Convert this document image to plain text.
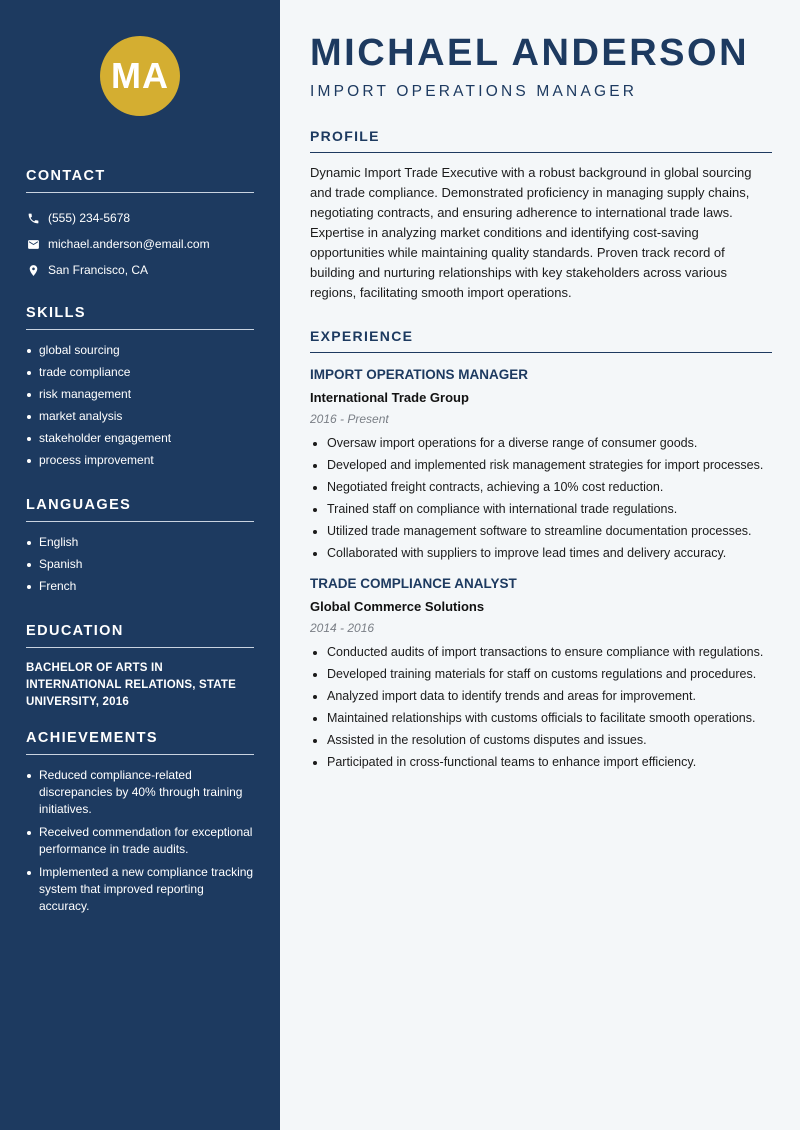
MA
CONTACT
(555) 234-5678
michael.anderson@email.com
San Francisco, CA
SKILLS
global sourcing
trade compliance
risk management
market analysis
stakeholder engagement
process improvement
LANGUAGES
English
Spanish
French
EDUCATION
BACHELOR OF ARTS IN INTERNATIONAL RELATIONS, STATE UNIVERSITY, 2016
ACHIEVEMENTS
Reduced compliance-related discrepancies by 40% through training initiatives.
Received commendation for exceptional performance in trade audits.
Implemented a new compliance tracking system that improved reporting accuracy.
MICHAEL ANDERSON
IMPORT OPERATIONS MANAGER
PROFILE

Dynamic Import Trade Executive with a robust background in global sourcing and trade compliance. Demonstrated proficiency in managing supply chains, negotiating contracts, and ensuring adherence to international trade laws. Expertise in analyzing market conditions and identifying cost-saving opportunities while maintaining quality standards. Proven track record of building and nurturing relationships with key stakeholders across various regions, facilitating smooth import operations.

EXPERIENCE
IMPORT OPERATIONS MANAGER
International Trade Group
2016 - Present
Oversaw import operations for a diverse range of consumer goods.
Developed and implemented risk management strategies for import processes.
Negotiated freight contracts, achieving a 10% cost reduction.
Trained staff on compliance with international trade regulations.
Utilized trade management software to streamline documentation processes.
Collaborated with suppliers to improve lead times and delivery accuracy.
TRADE COMPLIANCE ANALYST
Global Commerce Solutions
2014 - 2016
Conducted audits of import transactions to ensure compliance with regulations.
Developed training materials for staff on customs regulations and procedures.
Analyzed import data to identify trends and areas for improvement.
Maintained relationships with customs officials to facilitate smooth operations.
Assisted in the resolution of customs disputes and issues.
Participated in cross-functional teams to enhance import efficiency.
